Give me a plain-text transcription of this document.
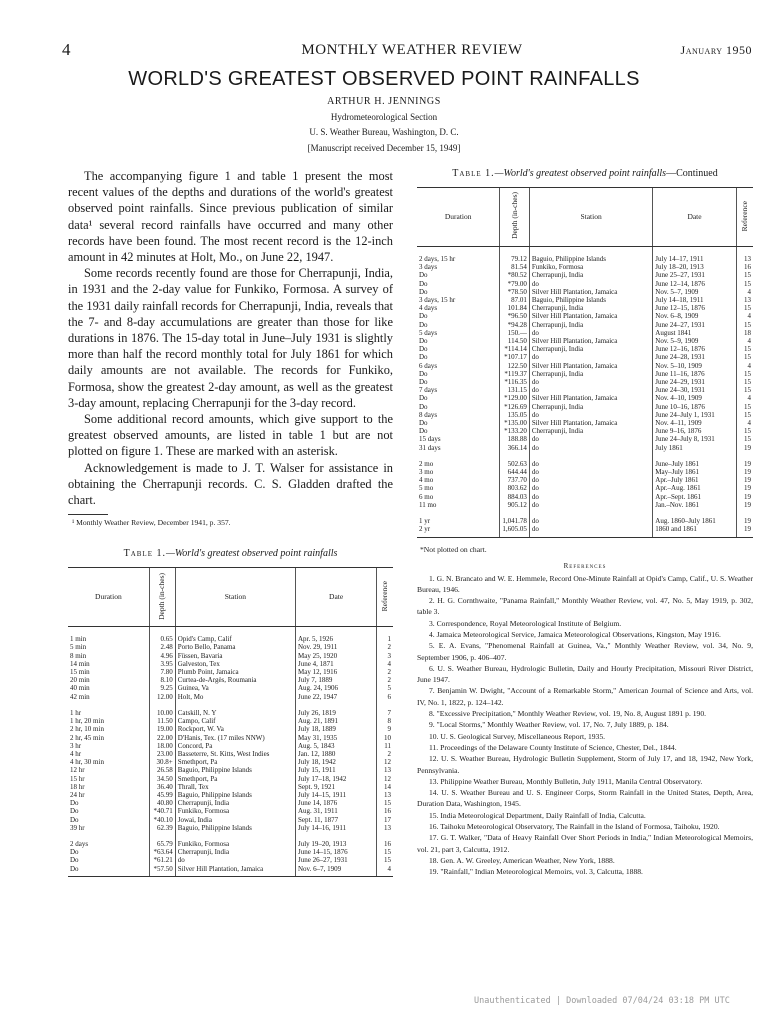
4	MONTHLY WEATHER REVIEW	January 1950
WORLD'S GREATEST OBSERVED POINT RAINFALLS
ARTHUR H. JENNINGS
Hydrometeorological Section
U. S. Weather Bureau, Washington, D. C.
[Manuscript received December 15, 1949]

The accompanying figure 1 and table 1 present the most recent values of the depths and durations of the world's greatest observed point rainfalls. Since previous publication of similar data¹ several record rainfalls have occurred and many other records have been found. The most recent record is the 12-inch amount in 42 minutes at Holt, Mo., on June 22, 1947.

Some records recently found are those for Cherrapunji, India, in 1931 and the 2-day value for Funkiko, Formosa. A survey of the 1931 daily rainfall records for Cherrapunji, India, reveals that the 7- and 8-day accumulations are greater than those for like durations in 1876. The 15-day total in June–July 1931 is slightly more than half the record monthly total for July 1861 for which daily amounts are not available. The records for Funkiko, Formosa, show the greatest 2-day amount, as well as the greatest 3-day amount, replacing Cherrapunji for the 3-day record.

Some additional record amounts, which give support to the greatest observed amounts, are listed in table 1 but are not plotted on figure 1. These are marked with an asterisk.

Acknowledgement is made to J. T. Walser for assistance in obtaining the Cherrapunji records. C. S. Gladden drafted the chart.

¹ Monthly Weather Review, December 1941, p. 357.
Table 1.—World's greatest observed point rainfalls
Duration	Depth (in-ches)	Station	Date	Reference
1 min	0.65	Opid's Camp, Calif	Apr. 5, 1926	1
5 min	2.48	Porto Bello, Panama	Nov. 29, 1911	2
8 min	4.96	Füssen, Bavaria	May 25, 1920	3
14 min	3.95	Galveston, Tex	June 4, 1871	4
15 min	7.80	Plumb Point, Jamaica	May 12, 1916	2
20 min	8.10	Curtea-de-Argès, Roumania	July 7, 1889	2
40 min	9.25	Guinea, Va	Aug. 24, 1906	5
42 min	12.00	Holt, Mo	June 22, 1947	6

1 hr	10.00	Catskill, N. Y	July 26, 1819	7
1 hr, 20 min	11.50	Campo, Calif	Aug. 21, 1891	8
2 hr, 10 min	19.00	Rockport, W. Va	July 18, 1889	9
2 hr, 45 min	22.00	D'Hanis, Tex. (17 miles NNW)	May 31, 1935	10
3 hr	18.00	Concord, Pa	Aug. 5, 1843	11
4 hr	23.00	Basseterre, St. Kitts, West Indies	Jan. 12, 1880	2
4 hr, 30 min	30.8+	Smethport, Pa	July 18, 1942	12
12 hr	26.58	Baguio, Philippine Islands	July 15, 1911	13
15 hr	34.50	Smethport, Pa	July 17–18, 1942	12
18 hr	36.40	Thrall, Tex	Sept. 9, 1921	14
24 hr	45.99	Baguio, Philippine Islands	July 14–15, 1911	13
Do	40.80	Cherrapunji, India	June 14, 1876	15
Do	*40.71	Funkiko, Formosa	Aug. 31, 1911	16
Do	*40.10	Jowai, India	Sept. 11, 1877	17
39 hr	62.39	Baguio, Philippine Islands	July 14–16, 1911	13

2 days	65.79	Funkiko, Formosa	July 19–20, 1913	16
Do	*63.64	Cherrapunji, India	June 14–15, 1876	15
Do	*61.21	do	June 26–27, 1931	15
Do	*57.50	Silver Hill Plantation, Jamaica	Nov. 6–7, 1909	4
Table 1.—World's greatest observed point rainfalls—Continued
Duration	Depth (in-ches)	Station	Date	Reference
2 days, 15 hr	79.12	Baguio, Philippine Islands	July 14–17, 1911	13
3 days	81.54	Funkiko, Formosa	July 18–20, 1913	16
Do	*80.52	Cherrapunji, India	June 25–27, 1931	15
Do	*79.00	do	June 12–14, 1876	15
Do	*78.50	Silver Hill Plantation, Jamaica	Nov. 5–7, 1909	4
3 days, 15 hr	87.01	Baguio, Philippine Islands	July 14–18, 1911	13
4 days	101.84	Cherrapunji, India	June 12–15, 1876	15
Do	*96.50	Silver Hill Plantation, Jamaica	Nov. 6–8, 1909	4
Do	*94.28	Cherrapunji, India	June 24–27, 1931	15
5 days	150.—	do	August 1841	18
Do	114.50	Silver Hill Plantation, Jamaica	Nov. 5–9, 1909	4
Do	*114.14	Cherrapunji, India	June 12–16, 1876	15
Do	*107.17	do	June 24–28, 1931	15
6 days	122.50	Silver Hill Plantation, Jamaica	Nov. 5–10, 1909	4
Do	*119.37	Cherrapunji, India	June 11–16, 1876	15
Do	*116.35	do	June 24–29, 1931	15
7 days	131.15	do	June 24–30, 1931	15
Do	*129.00	Silver Hill Plantation, Jamaica	Nov. 4–10, 1909	4
Do	*126.69	Cherrapunji, India	June 10–16, 1876	15
8 days	135.05	do	June 24–July 1, 1931	15
Do	*135.00	Silver Hill Plantation, Jamaica	Nov. 4–11, 1909	4
Do	*133.20	Cherrapunji, India	June 9–16, 1876	15
15 days	188.88	do	June 24–July 8, 1931	15
31 days	366.14	do	July 1861	19

2 mo	502.63	do	June–July 1861	19
3 mo	644.44	do	May–July 1861	19
4 mo	737.70	do	Apr.–July 1861	19
5 mo	803.62	do	Apr.–Aug. 1861	19
6 mo	884.03	do	Apr.–Sept. 1861	19
11 mo	905.12	do	Jan.–Nov. 1861	19

1 yr	1,041.78	do	Aug. 1860–July 1861	19
2 yr	1,605.05	do	1860 and 1861	19
*Not plotted on chart.
References
1. G. N. Brancato and W. E. Hemmele, Record One-Minute Rainfall at Opid's Camp, Calif., U. S. Weather Bureau, 1946.
2. H. G. Cornthwaite, "Panama Rainfall," Monthly Weather Review, vol. 47, No. 5, May 1919, p. 302, table 3.
3. Correspondence, Royal Meteorological Institute of Belgium.
4. Jamaica Meteorological Service, Jamaica Meteorological Observations, Kingston, May 1916.
5. E. A. Evans, "Phenomenal Rainfall at Guinea, Va.," Monthly Weather Review, vol. 34, No. 9, September 1906, p. 406–407.
6. U. S. Weather Bureau, Hydrologic Bulletin, Daily and Hourly Precipitation, Missouri River District, June 1947.
7. Benjamin W. Dwight, "Account of a Remarkable Storm," American Journal of Science and Arts, vol. IV, No. 1, 1822, p. 124–142.
8. "Excessive Precipitation," Monthly Weather Review, vol. 19, No. 8, August 1891 p. 190.
9. "Local Storms," Monthly Weather Review, vol. 17, No. 7, July 1889, p. 184.
10. U. S. Geological Survey, Miscellaneous Report, 1935.
11. Proceedings of the Delaware County Institute of Science, Chester, Del., 1844.
12. U. S. Weather Bureau, Hydrologic Bulletin Supplement, Storm of July 17, and 18, 1942, New York, Pennsylvania.
13. Philippine Weather Bureau, Monthly Bulletin, July 1911, Manila Central Observatory.
14. U. S. Weather Bureau and U. S. Engineer Corps, Storm Rainfall in the United States, Depth, Area, Duration Data, Washington, 1945.
15. India Meteorological Department, Daily Rainfall of India, Calcutta.
16. Taihoku Meteorological Observatory, The Rainfall in the Island of Formosa, Taihoku, 1920.
17. G. T. Walker, "Data of Heavy Rainfall Over Short Periods in India," Indian Meteorological Memoirs, vol. 21, part 3, Calcutta, 1912.
18. Gen. A. W. Greeley, American Weather, New York, 1888.
19. "Rainfall," Indian Meteorological Memoirs, vol. 3, Calcutta, 1888.
Unauthenticated | Downloaded 07/04/24 03:18 PM UTC
